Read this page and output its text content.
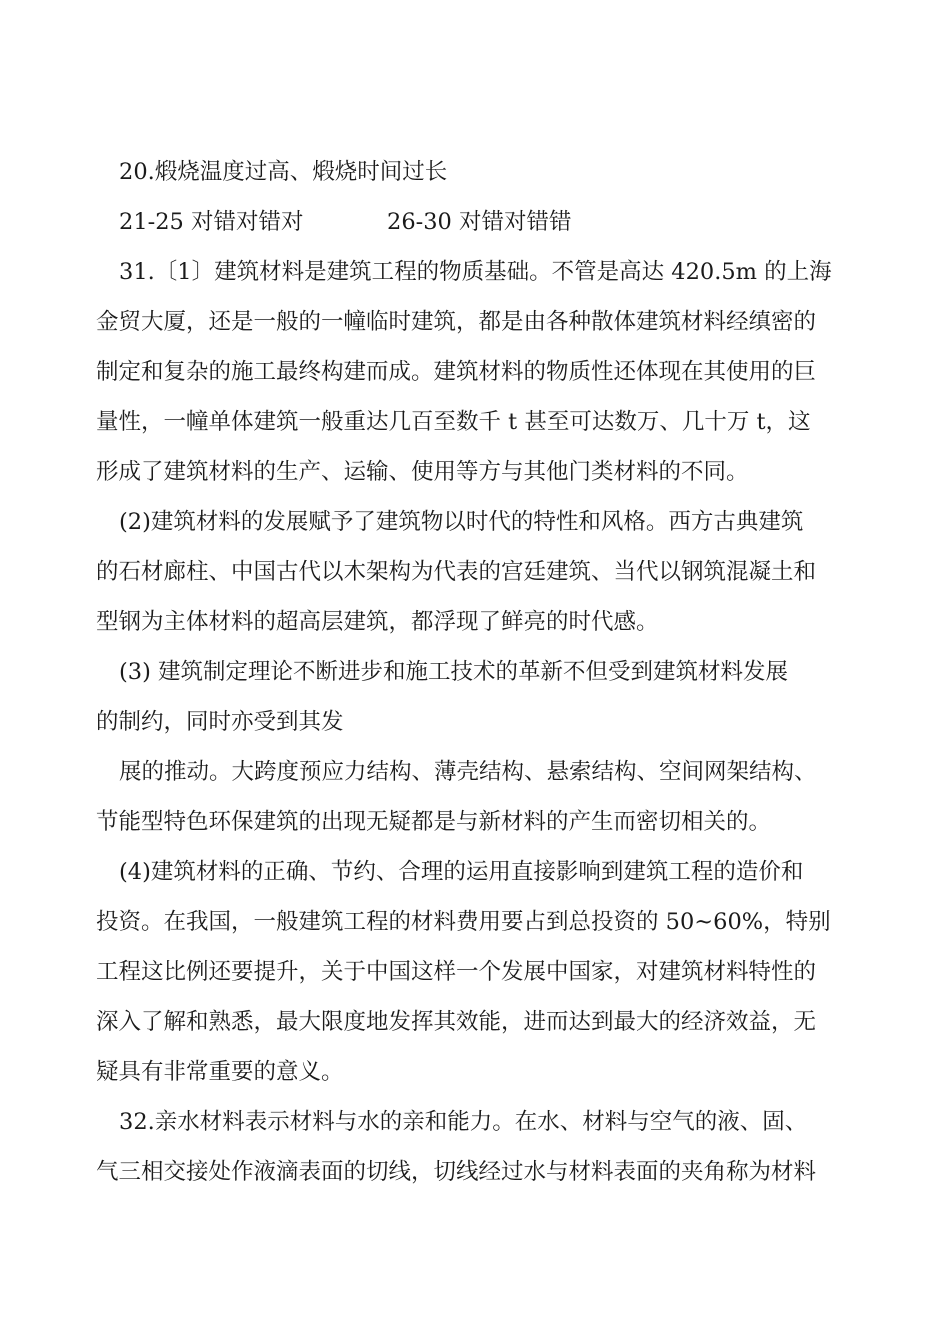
20.煅烧温度过高、煅烧时间过长

21-25 对错对错对

	26-30 对错对错错

31.〔1〕建筑材料是建筑工程的物质基础。不管是高达 420.5m 的上海
金贸大厦，还是一般的一幢临时建筑，都是由各种散体建筑材料经缜密的
制定和复杂的施工最终构建而成。建筑材料的物质性还体现在其使用的巨
量性，一幢单体建筑一般重达几百至数千 t 甚至可达数万、几十万 t，这
形成了建筑材料的生产、运输、使用等方与其他门类材料的不同。
(2)建筑材料的发展赋予了建筑物以时代的特性和风格。西方古典建筑
的石材廊柱、中国古代以木架构为代表的宫廷建筑、当代以钢筑混凝土和
型钢为主体材料的超高层建筑，都浮现了鲜亮的时代感。
(3) 建筑制定理论不断进步和施工技术的革新不但受到建筑材料发展
的制约，同时亦受到其发
展的推动。大跨度预应力结构、薄壳结构、悬索结构、空间网架结构、
节能型特色环保建筑的出现无疑都是与新材料的产生而密切相关的。
(4)建筑材料的正确、节约、合理的运用直接影响到建筑工程的造价和
投资。在我国，一般建筑工程的材料费用要占到总投资的 50~60%，特别
工程这比例还要提升，关于中国这样一个发展中国家，对建筑材料特性的
深入了解和熟悉，最大限度地发挥其效能，进而达到最大的经济效益，无
疑具有非常重要的意义。
32.亲水材料表示材料与水的亲和能力。在水、材料与空气的液、固、
气三相交接处作液滴表面的切线，切线经过水与材料表面的夹角称为材料
